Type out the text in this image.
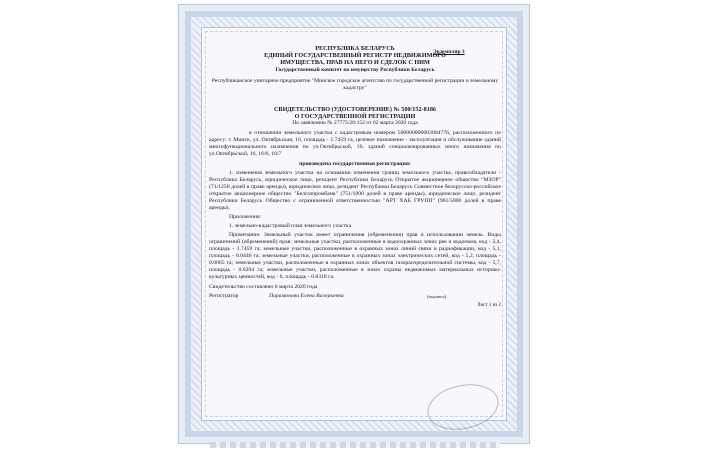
Экземпляр 3
РЕСПУБЛИКА БЕЛАРУСЬ
ЕДИНЫЙ ГОСУДАРСТВЕННЫЙ РЕГИСТР НЕДВИЖИМОГО
ИМУЩЕСТВА, ПРАВ НА НЕГО И СДЕЛОК С НИМ
Государственный комитет по имуществу Республики Беларусь
Республиканское унитарное предприятие "Минское городское агентство по государственной регистрации и земельному кадастру"
СВИДЕТЕЛЬСТВО (УДОСТОВЕРЕНИЕ) № 500/152-8186
О ГОСУДАРСТВЕННОЙ РЕГИСТРАЦИИ
По заявлению № 27775/20:152 от 02 марта 2020 года
в отношении земельного участка с кадастровым номером 500000000003004776, расположенного по адресу: г. Минск, ул. Октябрьская, 16, площадь - 1.7459 га, целевое назначение - эксплуатация и обслуживание зданий многофункционального назначения по ул.Октябрьской, 16, зданий специализированных иного назначения по ул.Октябрьской, 16, 16/6, 16/7
произведена государственная регистрация:
1. изменения земельного участка на основании изменения границ земельного участка, правообладатели - Республика Беларусь, юридическое лицо, резидент Республики Беларусь Открытое акционерное общество "МЗОР" (71/1250 долей в праве аренды), юридическое лицо, резидент Республики Беларусь Совместное белорусско-российское открытое акционерное общество "Белгазпромбанк" (751/1000 долей в праве аренды), юридическое лицо, резидент Республики Беларусь Общество с ограниченной ответственностью "АРТ ХАБ ГРУПП" (961/5000 долей в праве аренды).
Приложения:
1. земельно-кадастровый план земельного участка
Примечание: Земельный участок имеет ограничения (обременения) прав в использовании земель. Виды ограничений (обременений) прав: земельные участки, расположенные в водоохранных зонах рек и водоемов, код - 2,4, площадь - 1.7459 га; земельные участки, расположенные в охранных зонах линий связи и радиофикации, код - 5,1, площадь - 0.0446 га; земельные участки, расположенные в охранных зонах электрических сетей, код - 5,2, площадь - 0.0065 га; земельные участки, расположенные в охранных зонах объектов газораспределительной системы, код - 5,7, площадь - 0.0204 га; земельные участки, расположенные в зонах охраны недвижимых материальных историко-культурных ценностей, код - 6, площадь - 0.8318 га.
Свидетельство составлено 6 марта 2020 года
Регистратор	Парамонова Елена Валерьевна	(подпись)
Лист 1 из 2
